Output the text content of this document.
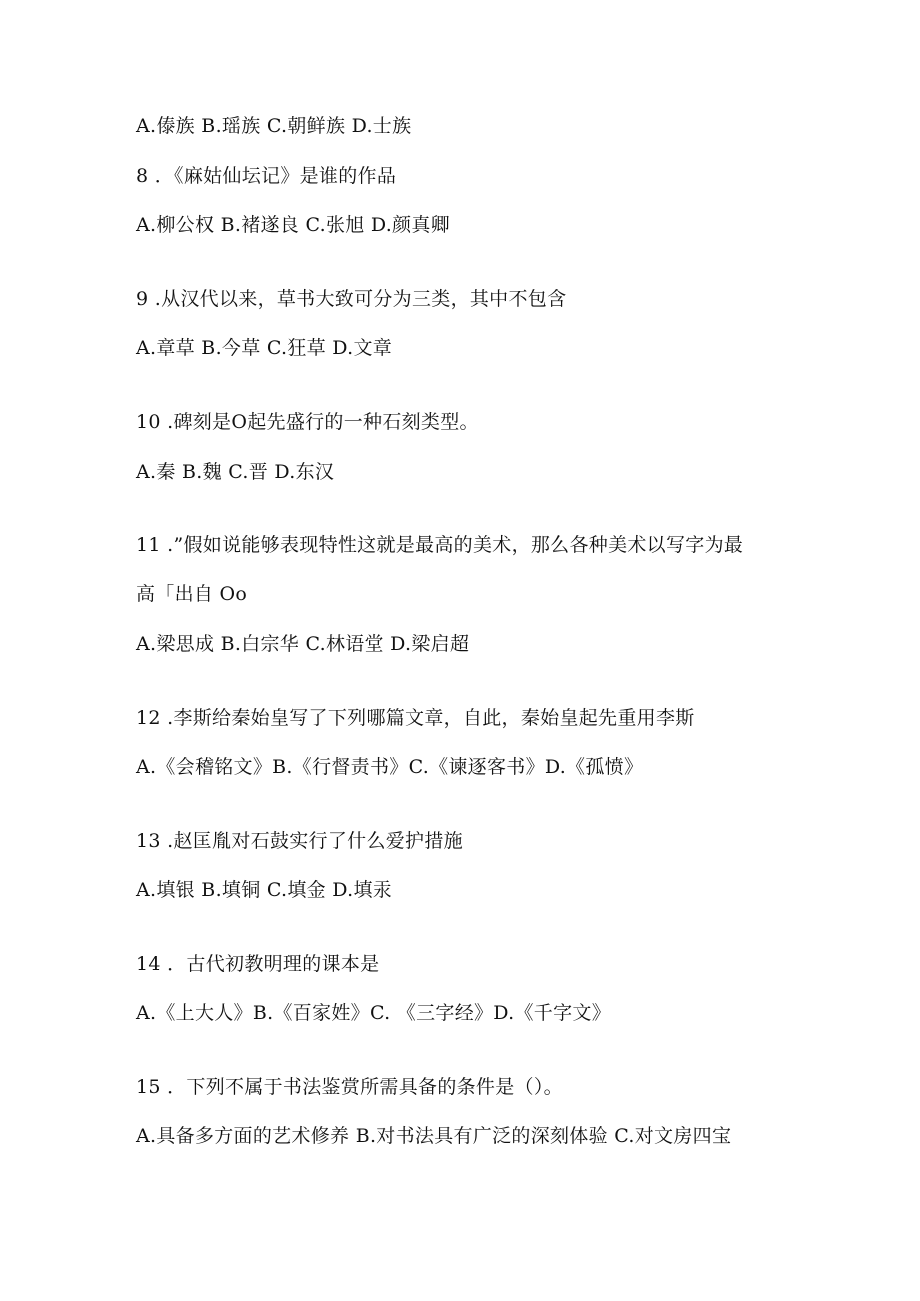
A.傣族 B.瑶族 C.朝鲜族 D.士族
8 ．《麻姑仙坛记》是谁的作品
A.柳公权 B.褚遂良 C.张旭 D.颜真卿
9 .从汉代以来，草书大致可分为三类，其中不包含
A.章草 B.今草 C.狂草 D.文章
10 .碑刻是O起先盛行的一种石刻类型。
A.秦 B.魏 C.晋 D.东汉
11 .”假如说能够表现特性这就是最高的美术，那么各种美术以写字为最
高「出自 Oo
A.梁思成 B.白宗华 C.林语堂 D.梁启超
12 .李斯给秦始皇写了下列哪篇文章，自此，秦始皇起先重用李斯
A.《会稽铭文》B.《行督责书》C.《谏逐客书》D.《孤愤》
13 .赵匡胤对石鼓实行了什么爱护措施
A.填银 B.填铜 C.填金 D.填汞
14 ．古代初教明理的课本是
A.《上大人》B.《百家姓》C. 《三字经》D.《千字文》
15 ．下列不属于书法鉴赏所需具备的条件是（）。
A.具备多方面的艺术修养 B.对书法具有广泛的深刻体验 C.对文房四宝
